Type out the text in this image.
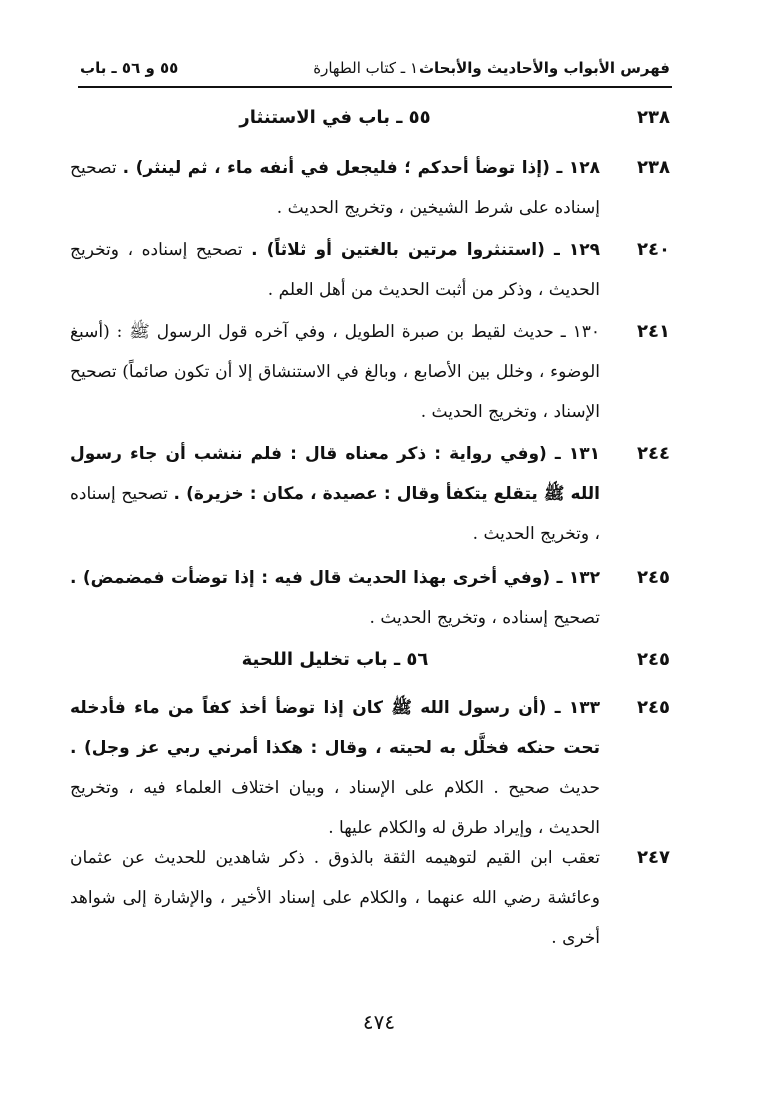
فهرس الأبواب والأحاديث والأبحاث
١ ـ كتاب الطهارة
٥٥ و ٥٦ ـ باب
٢٣٨
٥٥ ـ باب في الاستنثار
٢٣٨
١٢٨ ـ (إذا توضأ أحدكم ؛ فليجعل في أنفه ماء ، ثم لينثر) . تصحيح إسناده على شرط الشيخين ، وتخريج الحديث .
٢٤٠
١٢٩ ـ (استنثروا مرتين بالغتين أو ثلاثاً) . تصحيح إسناده ، وتخريج الحديث ، وذكر من أثبت الحديث من أهل العلم .
٢٤١
١٣٠ ـ حديث لقيط بن صبرة الطويل ، وفي آخره قول الرسول ﷺ : (أسبغ الوضوء ، وخلل بين الأصابع ، وبالغ في الاستنشاق إلا أن تكون صائماً) تصحيح الإسناد ، وتخريج الحديث .
٢٤٤
١٣١ ـ (وفي رواية : ذكر معناه قال : فلم ننشب أن جاء رسول الله ﷺ يتقلع يتكفأ وقال : عصيدة ، مكان : خزيرة) . تصحيح إسناده ، وتخريج الحديث .
٢٤٥
١٣٢ ـ (وفي أخرى بهذا الحديث قال فيه : إذا توضأت فمضمض) . تصحيح إسناده ، وتخريج الحديث .
٢٤٥
٥٦ ـ باب تخليل اللحية
٢٤٥
١٣٣ ـ (أن رسول الله ﷺ كان إذا توضأ أخذ كفاً من ماء فأدخله تحت حنكه فخلَّل به لحيته ، وقال : هكذا أمرني ربي عز وجل) . حديث صحيح . الكلام على الإسناد ، وبيان اختلاف العلماء فيه ، وتخريج الحديث ، وإيراد طرق له والكلام عليها .
٢٤٧
تعقب ابن القيم لتوهيمه الثقة بالذوق . ذكر شاهدين للحديث عن عثمان وعائشة رضي الله عنهما ، والكلام على إسناد الأخير ، والإشارة إلى شواهد أخرى .
٤٧٤
